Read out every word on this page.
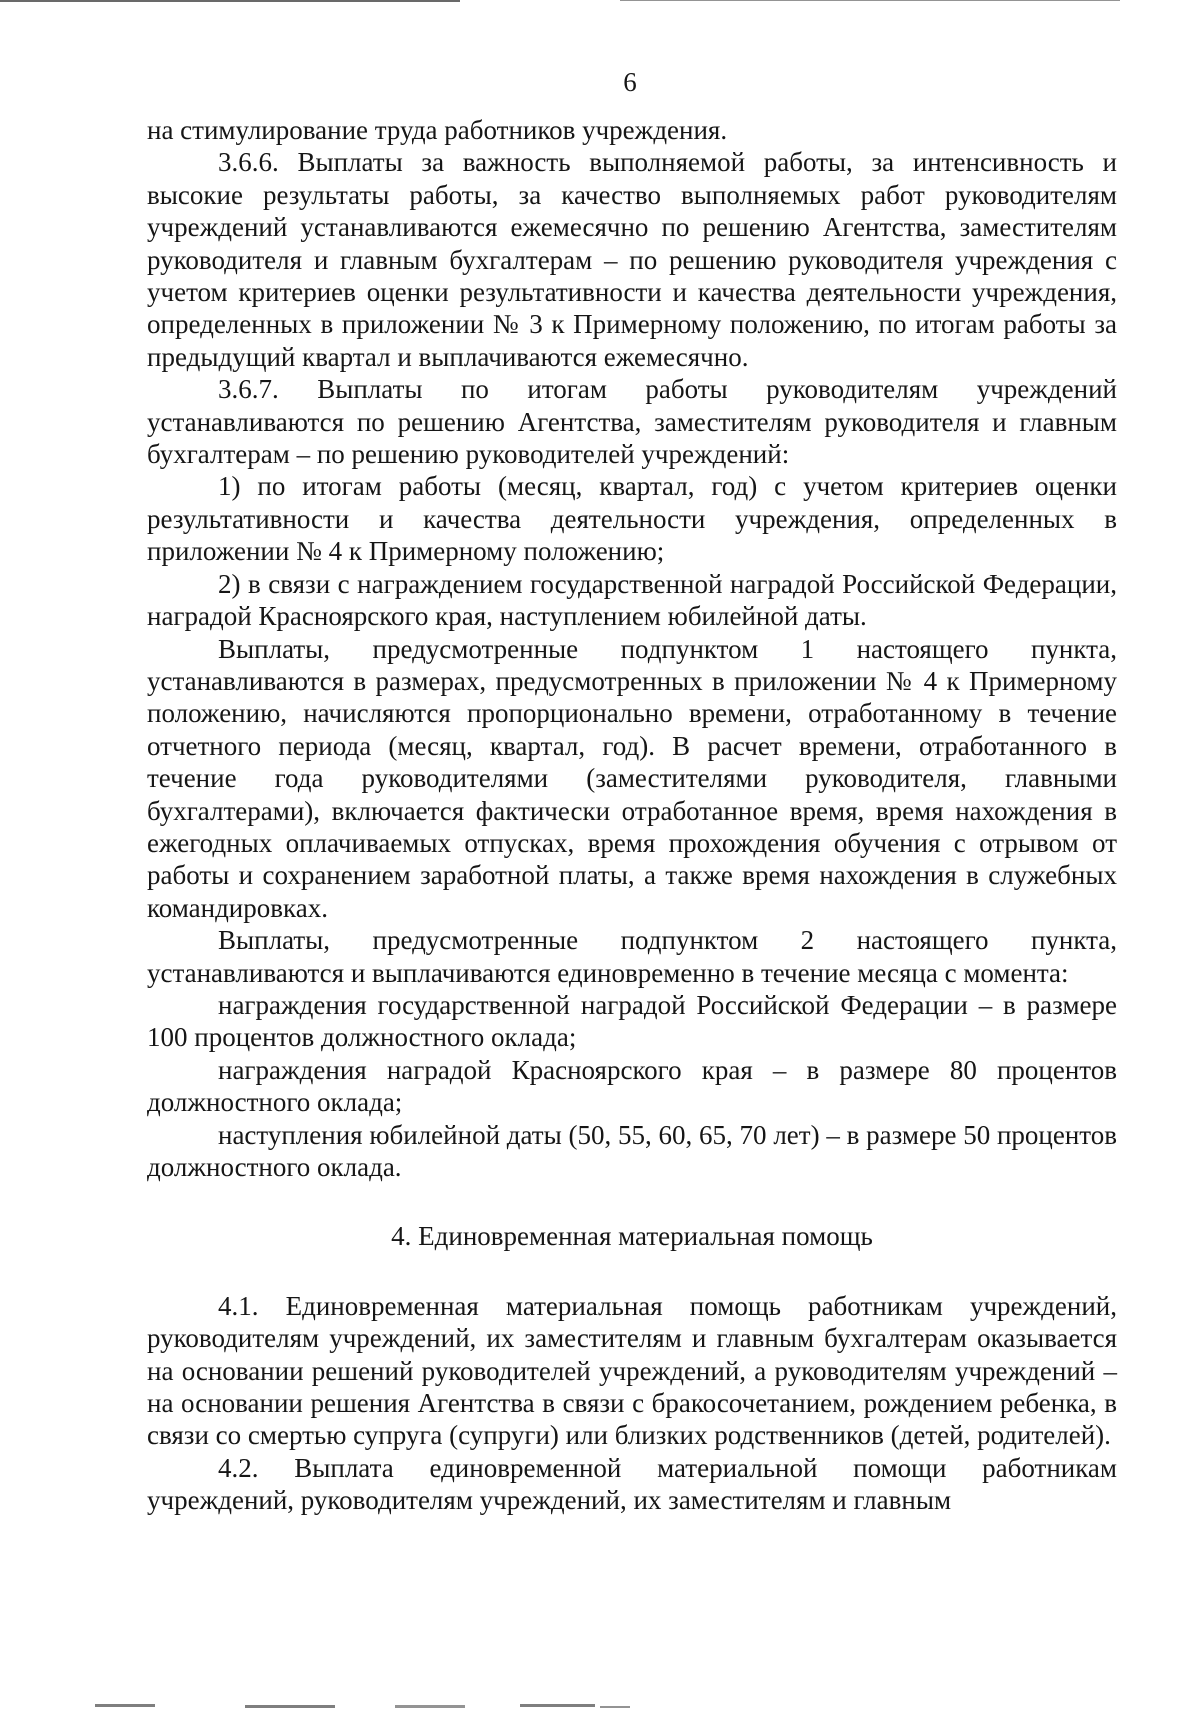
6

на стимулирование труда работников учреждения.

3.6.6. Выплаты за важность выполняемой работы, за интенсивность и высокие результаты работы, за качество выполняемых работ руководителям учреждений устанавливаются ежемесячно по решению Агентства, заместителям руководителя и главным бухгалтерам – по решению руководителя учреждения с учетом критериев оценки результативности и качества деятельности учреждения, определенных в приложении № 3 к Примерному положению, по итогам работы за предыдущий квартал и выплачиваются ежемесячно.

3.6.7. Выплаты по итогам работы руководителям учреждений устанавливаются по решению Агентства, заместителям руководителя и главным бухгалтерам – по решению руководителей учреждений:

1) по итогам работы (месяц, квартал, год) с учетом критериев оценки результативности и качества деятельности учреждения, определенных в приложении № 4 к Примерному положению;

2) в связи с награждением государственной наградой Российской Федерации, наградой Красноярского края, наступлением юбилейной даты.

Выплаты, предусмотренные подпунктом 1 настоящего пункта, устанавливаются в размерах, предусмотренных в приложении № 4 к Примерному положению, начисляются пропорционально времени, отработанному в течение отчетного периода (месяц, квартал, год). В расчет времени, отработанного в течение года руководителями (заместителями руководителя, главными бухгалтерами), включается фактически отработанное время, время нахождения в ежегодных оплачиваемых отпусках, время прохождения обучения с отрывом от работы и сохранением заработной платы, а также время нахождения в служебных командировках.

Выплаты, предусмотренные подпунктом 2 настоящего пункта, устанавливаются и выплачиваются единовременно в течение месяца с момента:

награждения государственной наградой Российской Федерации – в размере 100 процентов должностного оклада;

награждения наградой Красноярского края – в размере 80 процентов должностного оклада;

наступления юбилейной даты (50, 55, 60, 65, 70 лет) – в размере 50 процентов должностного оклада.

4. Единовременная материальная помощь

4.1. Единовременная материальная помощь работникам учреждений, руководителям учреждений, их заместителям и главным бухгалтерам оказывается на основании решений руководителей учреждений, а руководителям учреждений – на основании решения Агентства в связи с бракосочетанием, рождением ребенка, в связи со смертью супруга (супруги) или близких родственников (детей, родителей).

4.2. Выплата единовременной материальной помощи работникам учреждений, руководителям учреждений, их заместителям и главным
